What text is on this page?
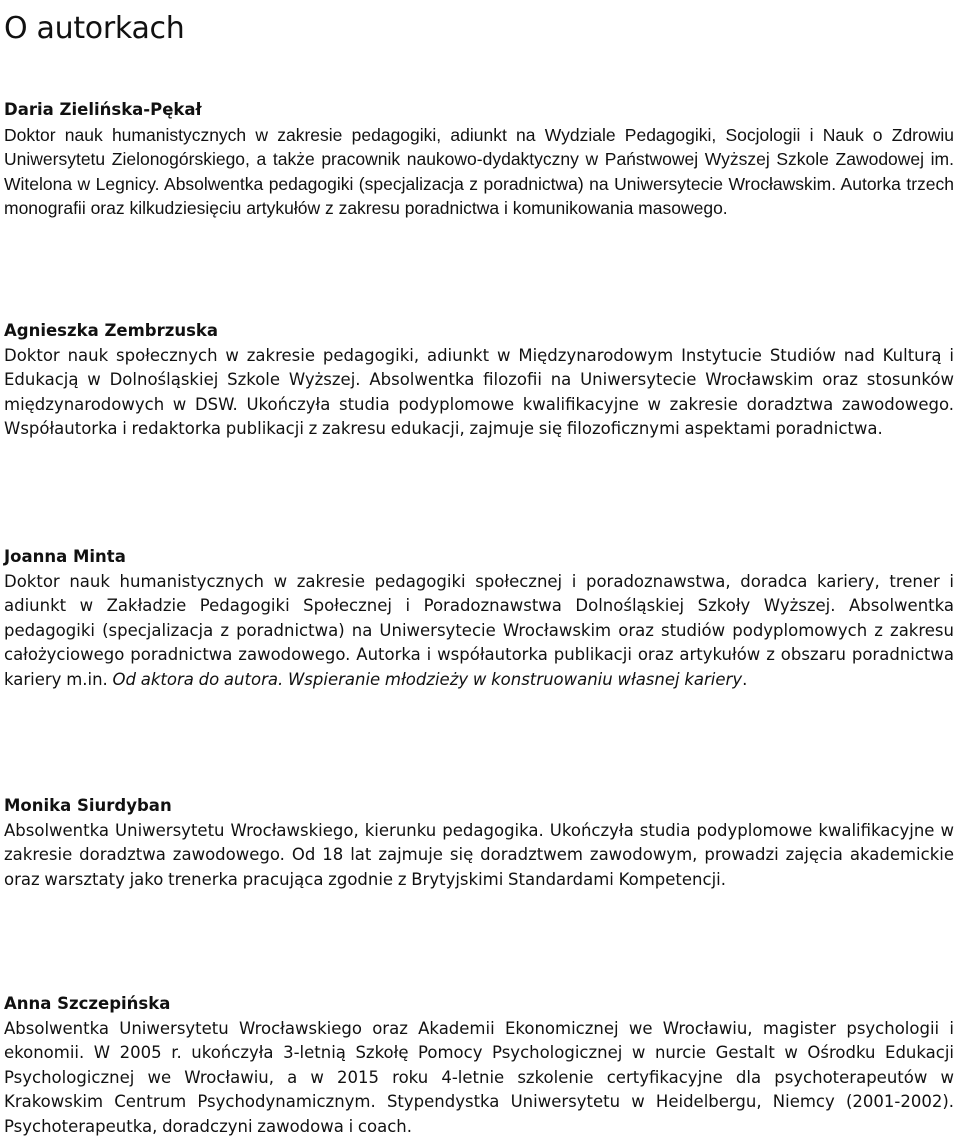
O autorkach

Daria Zielińska-Pękał

Doktor nauk humanistycznych w zakresie pedagogiki, adiunkt na Wydziale Pedagogiki, Socjologii i Nauk o Zdrowiu Uniwersytetu Zielonogórskiego, a także pracownik naukowo-dydaktyczny w Państwowej Wyższej Szkole Zawodowej im. Witelona w Legnicy. Absolwentka pedagogiki (specjalizacja z poradnictwa) na Uniwersytecie Wrocławskim. Autorka trzech monografii oraz kilkudziesięciu artykułów z zakresu poradnictwa i komunikowania masowego.

Agnieszka Zembrzuska

Doktor nauk społecznych w zakresie pedagogiki, adiunkt w Międzynarodowym Instytucie Studiów nad Kulturą i Edukacją w Dolnośląskiej Szkole Wyższej. Absolwentka filozofii na Uniwersytecie Wrocławskim oraz stosunków międzynarodowych w DSW. Ukończyła studia podyplomowe kwalifikacyjne w zakresie doradztwa zawodowego. Współautorka i redaktorka publikacji z zakresu edukacji, zajmuje się filozoficznymi aspektami poradnictwa.

Joanna Minta

Doktor nauk humanistycznych w zakresie pedagogiki społecznej i poradoznawstwa, doradca kariery, trener i adiunkt w Zakładzie Pedagogiki Społecznej i Poradoznawstwa Dolnośląskiej Szkoły Wyższej. Absolwentka pedagogiki (specjalizacja z poradnictwa) na Uniwersytecie Wrocławskim oraz studiów podyplomowych z zakresu całożyciowego poradnictwa zawodowego. Autorka i współautorka publikacji oraz artykułów z obszaru poradnictwa kariery m.in. Od aktora do autora. Wspieranie młodzieży w konstruowaniu własnej kariery.

Monika Siurdyban

Absolwentka Uniwersytetu Wrocławskiego, kierunku pedagogika. Ukończyła studia podyplomowe kwalifikacyjne w zakresie doradztwa zawodowego. Od 18 lat zajmuje się doradztwem zawodowym, prowadzi zajęcia akademickie oraz warsztaty jako trenerka pracująca zgodnie z Brytyjskimi Standardami Kompetencji.

Anna Szczepińska

Absolwentka Uniwersytetu Wrocławskiego oraz Akademii Ekonomicznej we Wrocławiu, magister psychologii i ekonomii. W 2005 r. ukończyła 3-letnią Szkołę Pomocy Psychologicznej w nurcie Gestalt w Ośrodku Edukacji Psychologicznej we Wrocławiu, a w 2015 roku 4-letnie szkolenie certyfikacyjne dla psychoterapeutów w Krakowskim Centrum Psychodynamicznym. Stypendystka Uniwersytetu w Heidelbergu, Niemcy (2001-2002). Psychoterapeutka, doradczyni zawodowa i coach.
